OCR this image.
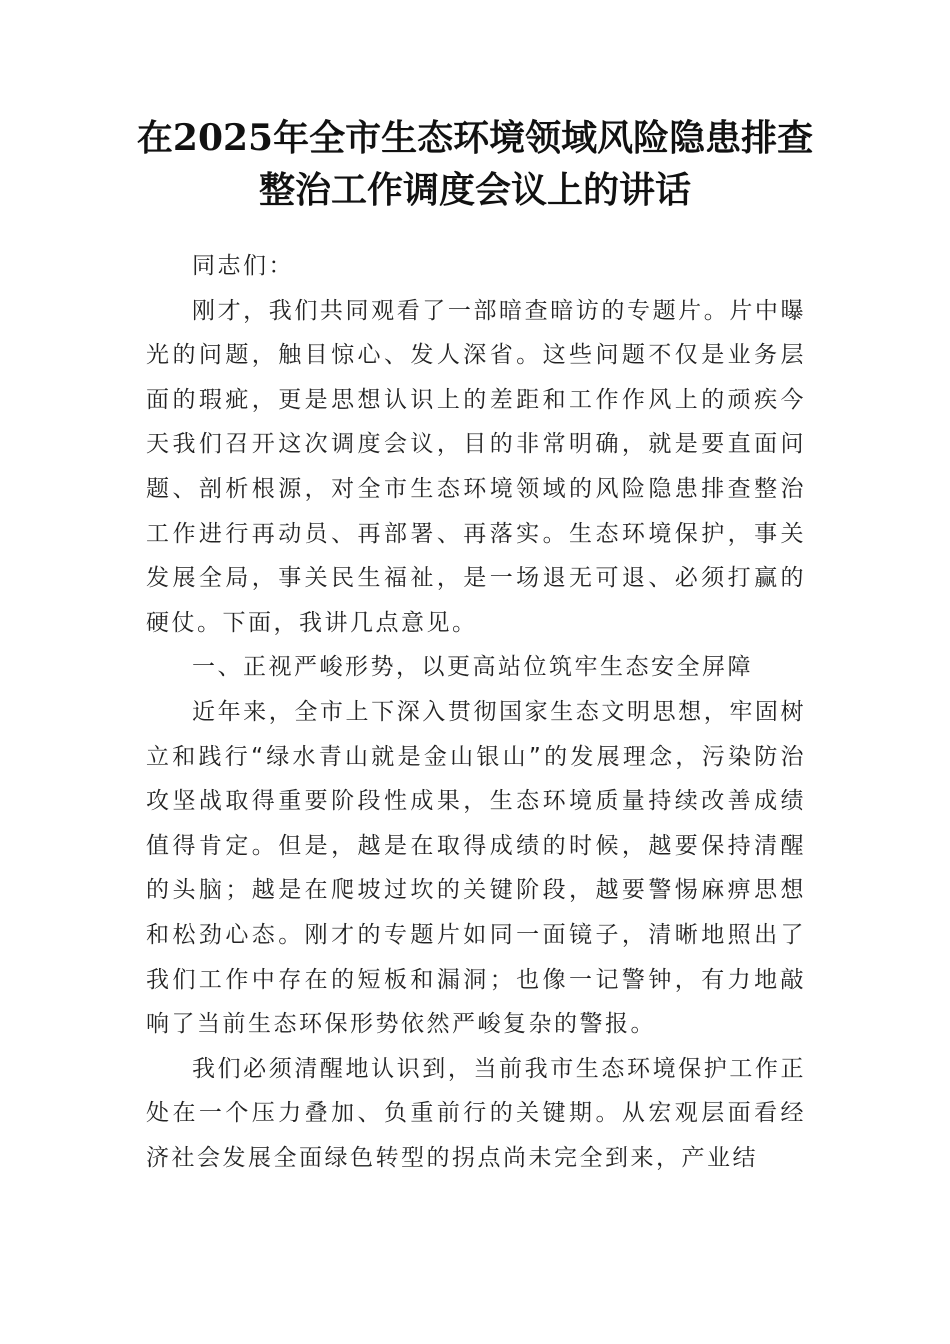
在2025年全市生态环境领域风险隐患排查
整治工作调度会议上的讲话

同志们：

刚才，我们共同观看了一部暗查暗访的专题片。片中曝光的问题，触目惊心、发人深省。这些问题不仅是业务层面的瑕疵，更是思想认识上的差距和工作作风上的顽疾今天我们召开这次调度会议，目的非常明确，就是要直面问题、剖析根源，对全市生态环境领域的风险隐患排查整治工作进行再动员、再部署、再落实。生态环境保护，事关发展全局，事关民生福祉，是一场退无可退、必须打赢的硬仗。下面，我讲几点意见。

一、正视严峻形势，以更高站位筑牢生态安全屏障

近年来，全市上下深入贯彻国家生态文明思想，牢固树立和践行“绿水青山就是金山银山”的发展理念，污染防治攻坚战取得重要阶段性成果，生态环境质量持续改善成绩值得肯定。但是，越是在取得成绩的时候，越要保持清醒的头脑；越是在爬坡过坎的关键阶段，越要警惕麻痹思想和松劲心态。刚才的专题片如同一面镜子，清晰地照出了我们工作中存在的短板和漏洞；也像一记警钟，有力地敲响了当前生态环保形势依然严峻复杂的警报。

我们必须清醒地认识到，当前我市生态环境保护工作正处在一个压力叠加、负重前行的关键期。从宏观层面看经济社会发展全面绿色转型的拐点尚未完全到来，产业结
